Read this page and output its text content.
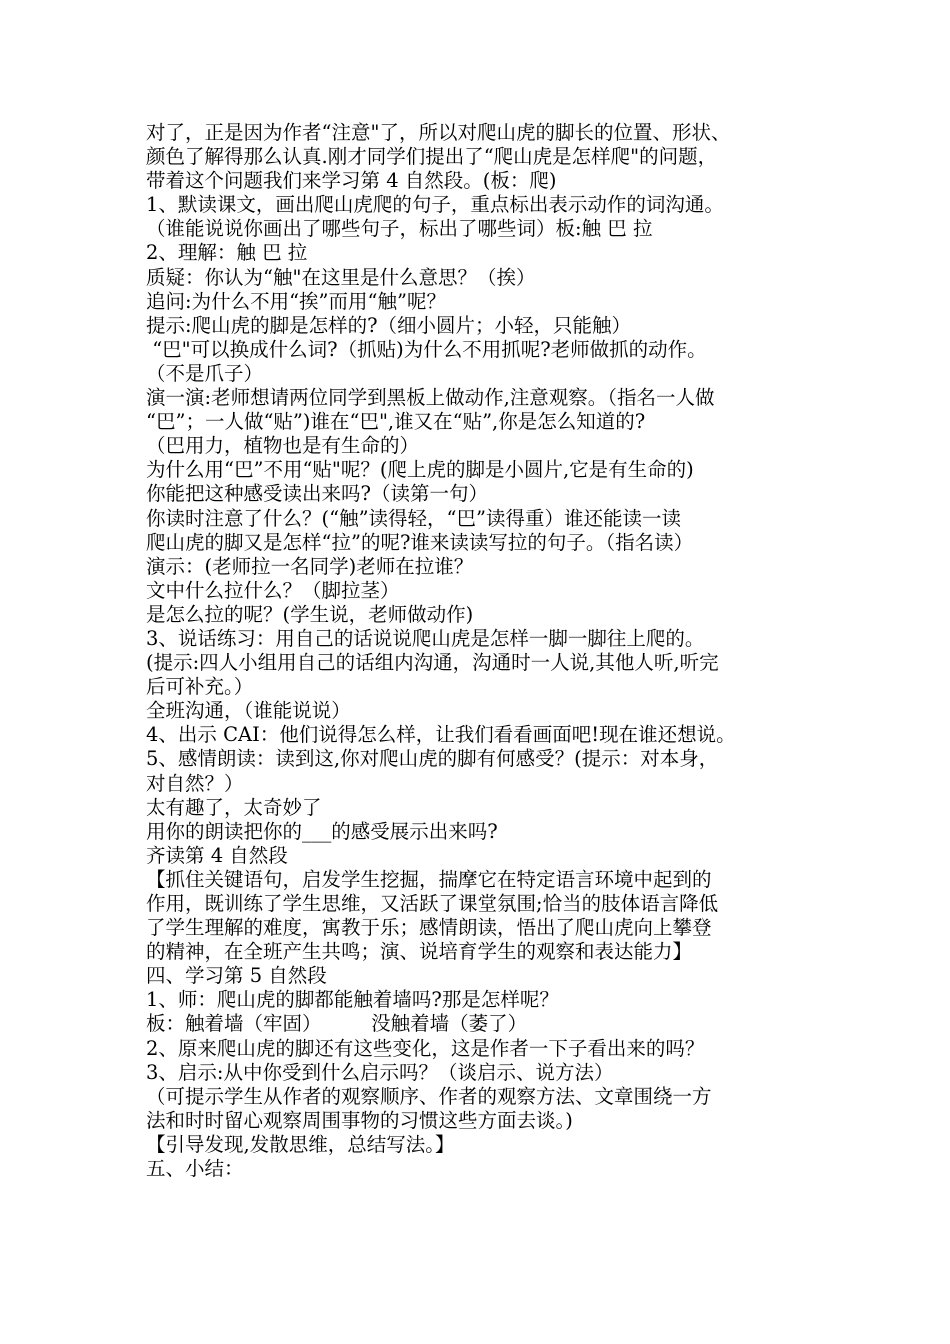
对了，正是因为作者“注意"了，所以对爬山虎的脚长的位置、形状、
颜色了解得那么认真.刚才同学们提出了“爬山虎是怎样爬"的问题，
带着这个问题我们来学习第 4 自然段。(板：爬)
1、默读课文，画出爬山虎爬的句子，重点标出表示动作的词沟通。
（谁能说说你画出了哪些句子，标出了哪些词）板:触 巴 拉
2、理解：触 巴 拉
质疑：你认为“触"在这里是什么意思？（挨）
追问:为什么不用“挨”而用“触”呢？
提示:爬山虎的脚是怎样的?（细小圆片；小轻，只能触）
“巴"可以换成什么词?（抓贴)为什么不用抓呢?老师做抓的动作。
（不是爪子）
演一演:老师想请两位同学到黑板上做动作,注意观察。（指名一人做
“巴”；一人做“贴”)谁在“巴",谁又在“贴”,你是怎么知道的?
（巴用力，植物也是有生命的）
为什么用“巴”不用“贴"呢？(爬上虎的脚是小圆片,它是有生命的)
你能把这种感受读出来吗?（读第一句）
你读时注意了什么？(“触”读得轻，“巴”读得重）谁还能读一读
爬山虎的脚又是怎样“拉”的呢?谁来读读写拉的句子。（指名读）
演示：(老师拉一名同学)老师在拉谁？
文中什么拉什么？（脚拉茎）
是怎么拉的呢？(学生说，老师做动作)
3、说话练习：用自己的话说说爬山虎是怎样一脚一脚往上爬的。
(提示:四人小组用自己的话组内沟通，沟通时一人说,其他人听,听完
后可补充。）
全班沟通，（谁能说说）
4、出示 CAI：他们说得怎么样，让我们看看画面吧!现在谁还想说。
5、感情朗读：读到这,你对爬山虎的脚有何感受？(提示：对本身，
对自然？）
太有趣了，太奇妙了
用你的朗读把你的___的感受展示出来吗?
齐读第 4 自然段
【抓住关键语句，启发学生挖掘，揣摩它在特定语言环境中起到的
作用，既训练了学生思维，又活跃了课堂氛围;恰当的肢体语言降低
了学生理解的难度，寓教于乐；感情朗读，悟出了爬山虎向上攀登
的精神，在全班产生共鸣；演、说培育学生的观察和表达能力】
四、学习第 5 自然段
1、师：爬山虎的脚都能触着墙吗?那是怎样呢？
板：触着墙（牢固）        没触着墙（萎了）
2、原来爬山虎的脚还有这些变化，这是作者一下子看出来的吗？
3、启示:从中你受到什么启示吗？（谈启示、说方法）
（可提示学生从作者的观察顺序、作者的观察方法、文章围绕一方
法和时时留心观察周围事物的习惯这些方面去谈。)
【引导发现,发散思维，总结写法。】
五、小结：
